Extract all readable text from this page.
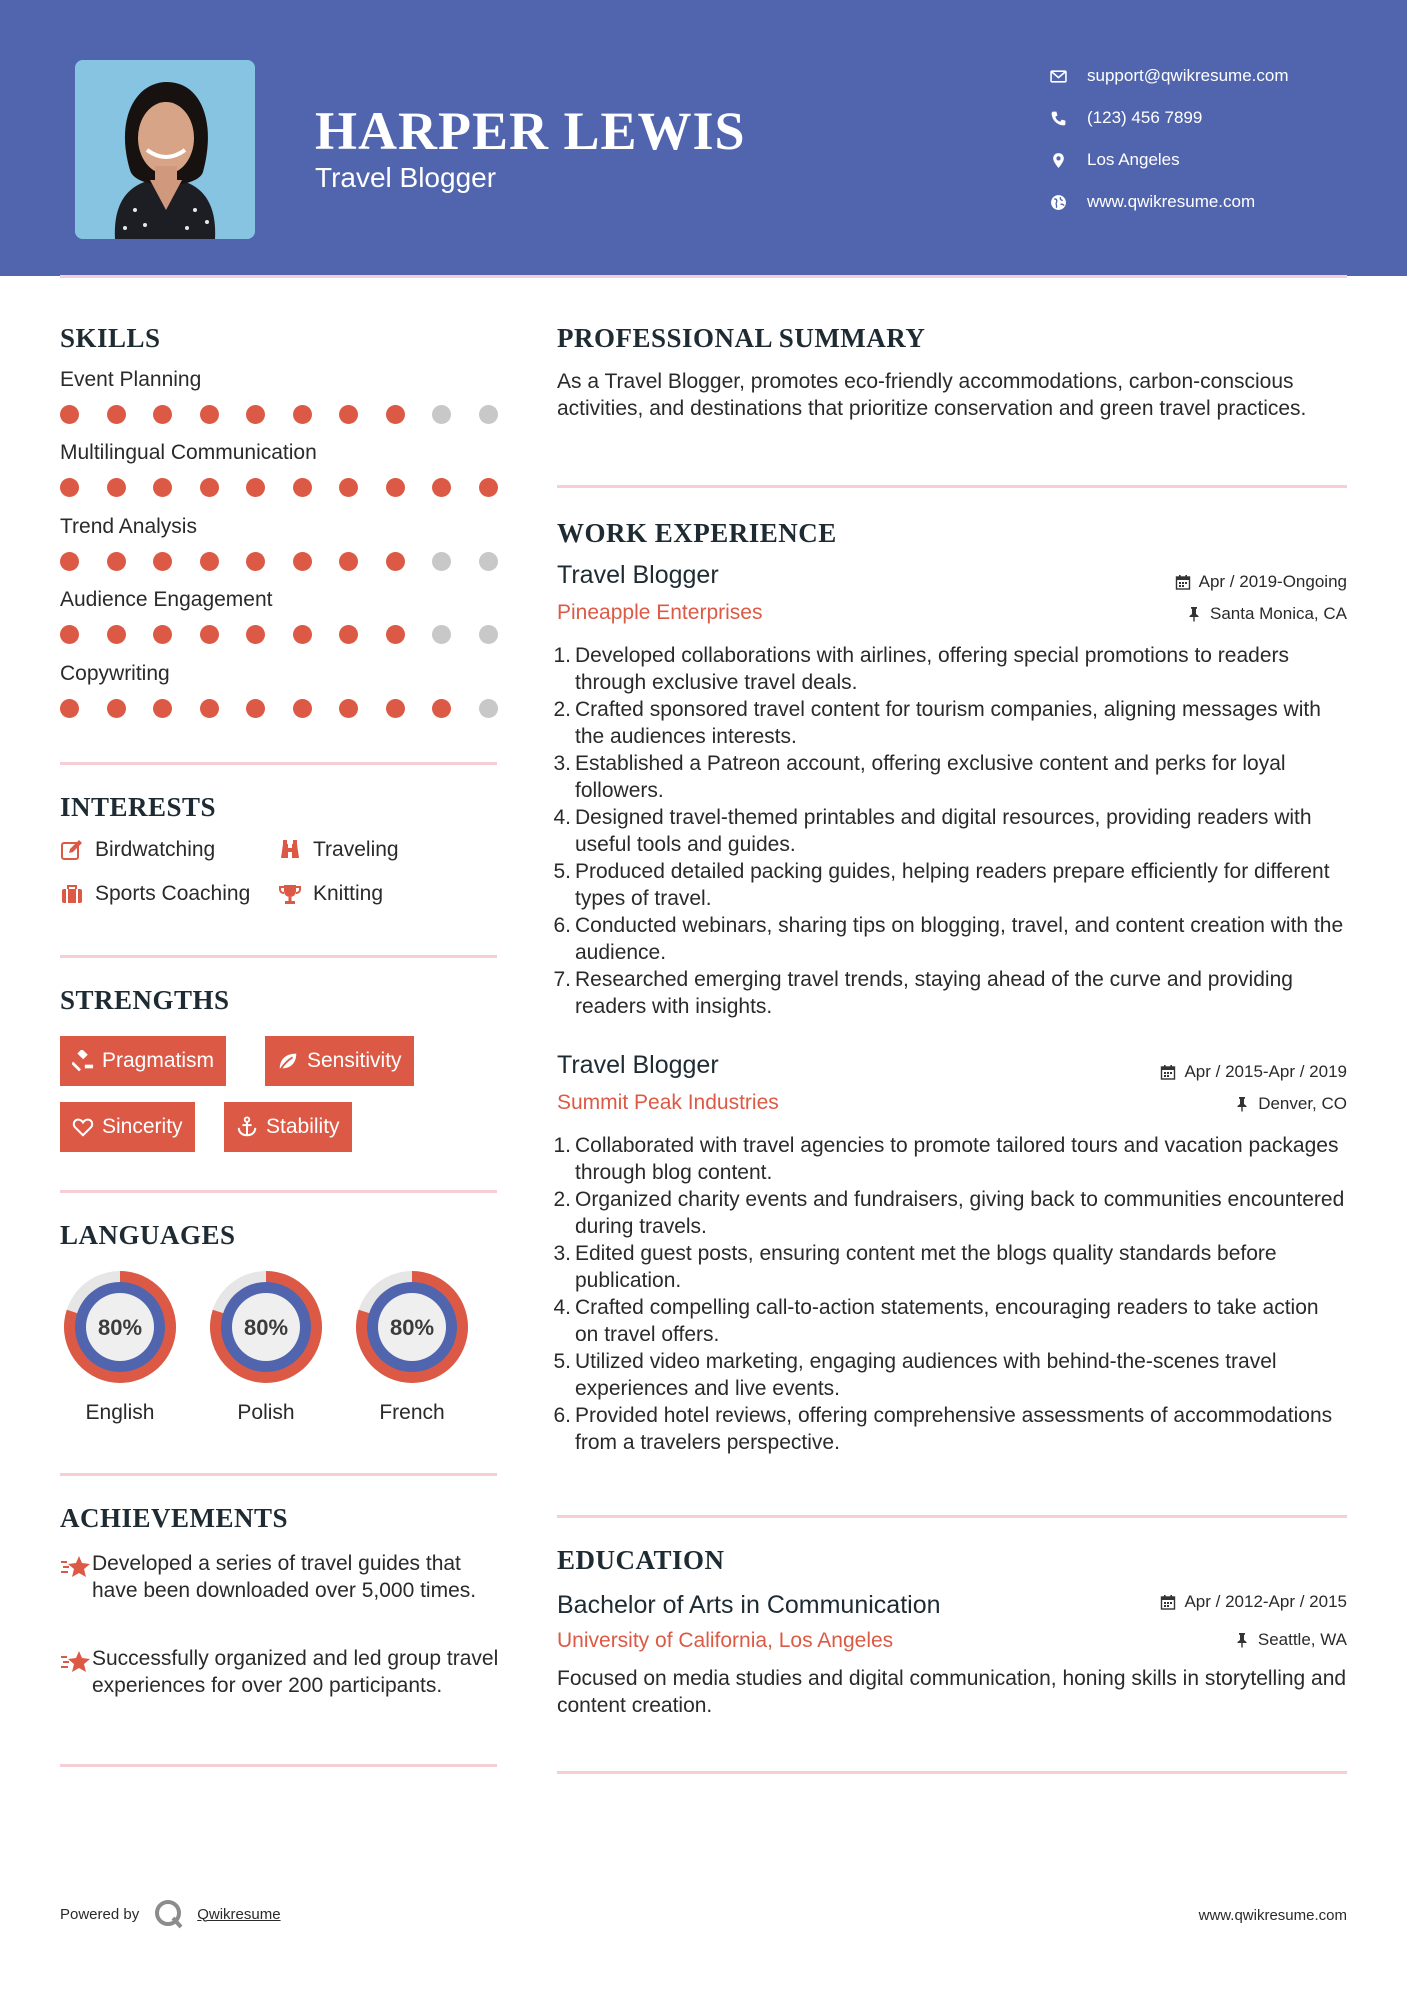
HARPER LEWIS
Travel Blogger
support@qwikresume.com
(123) 456 7899
Los Angeles
www.qwikresume.com
SKILLS
Event Planning
Multilingual Communication
Trend Analysis
Audience Engagement
Copywriting
INTERESTS
Birdwatching	Traveling
Sports Coaching	Knitting
STRENGTHS
Pragmatism	Sensitivity
Sincerity	Stability
LANGUAGES
80%
English
80%
Polish
80%
French
ACHIEVEMENTS
Developed a series of travel guides that have been downloaded over 5,000 times.
Successfully organized and led group travel experiences for over 200 participants.
PROFESSIONAL SUMMARY
As a Travel Blogger, promotes eco-friendly accommodations, carbon-conscious activities, and destinations that prioritize conservation and green travel practices.
WORK EXPERIENCE
Travel Blogger	Apr / 2019-Ongoing
Pineapple Enterprises	Santa Monica, CA
1. Developed collaborations with airlines, offering special promotions to readers through exclusive travel deals.
2. Crafted sponsored travel content for tourism companies, aligning messages with the audiences interests.
3. Established a Patreon account, offering exclusive content and perks for loyal followers.
4. Designed travel-themed printables and digital resources, providing readers with useful tools and guides.
5. Produced detailed packing guides, helping readers prepare efficiently for different types of travel.
6. Conducted webinars, sharing tips on blogging, travel, and content creation with the audience.
7. Researched emerging travel trends, staying ahead of the curve and providing readers with insights.
Travel Blogger	Apr / 2015-Apr / 2019
Summit Peak Industries	Denver, CO
1. Collaborated with travel agencies to promote tailored tours and vacation packages through blog content.
2. Organized charity events and fundraisers, giving back to communities encountered during travels.
3. Edited guest posts, ensuring content met the blogs quality standards before publication.
4. Crafted compelling call-to-action statements, encouraging readers to take action on travel offers.
5. Utilized video marketing, engaging audiences with behind-the-scenes travel experiences and live events.
6. Provided hotel reviews, offering comprehensive assessments of accommodations from a travelers perspective.
EDUCATION
Bachelor of Arts in Communication	Apr / 2012-Apr / 2015
University of California, Los Angeles	Seattle, WA
Focused on media studies and digital communication, honing skills in storytelling and content creation.
Powered by	Qwikresume	www.qwikresume.com
